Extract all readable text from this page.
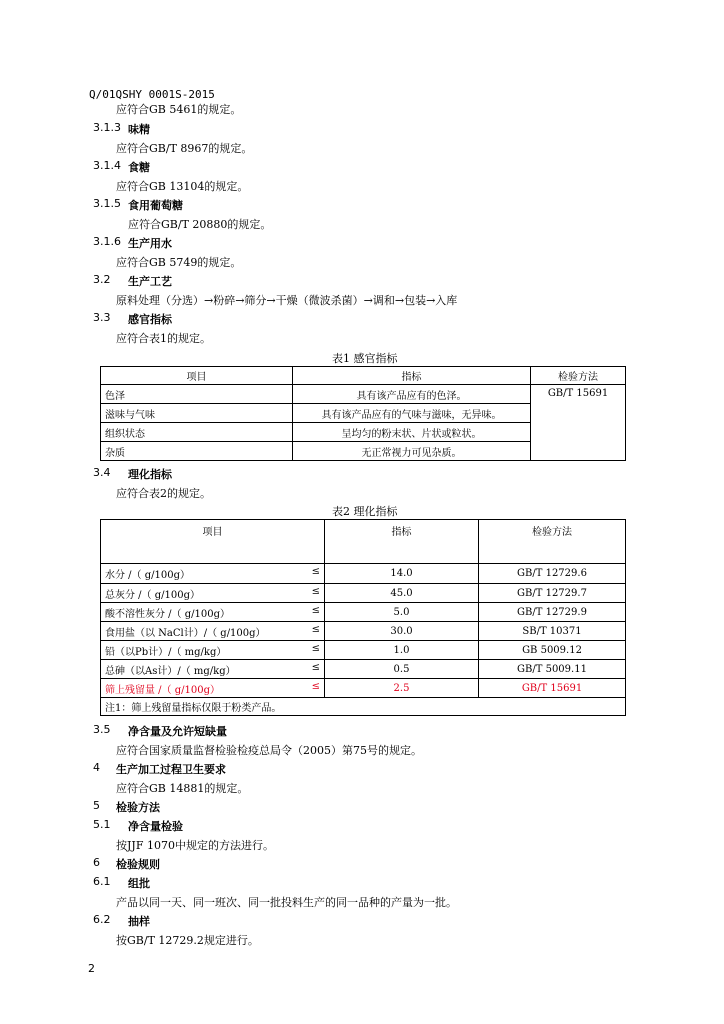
Q/01QSHY 0001S-2015
应符合GB 5461的规定。
3.1.3 味精
应符合GB/T 8967的规定。
3.1.4 食糖
应符合GB 13104的规定。
3.1.5 食用葡萄糖
应符合GB/T 20880的规定。
3.1.6 生产用水
应符合GB 5749的规定。
3.2 生产工艺
原料处理（分选）→粉碎→筛分→干燥（微波杀菌）→调和→包装→入库
3.3 感官指标
应符合表1的规定。
表1 感官指标
项目	指标	检验方法
色泽	具有该产品应有的色泽。	GB/T 15691
滋味与气味	具有该产品应有的气味与滋味，无异味。	
组织状态	呈均匀的粉末状、片状或粒状。	
杂质	无正常视力可见杂质。	
3.4 理化指标
应符合表2的规定。
表2 理化指标
项目	指标	检验方法

水分 /（ g/100g） ≤	14.0	GB/T 12729.6

总灰分 /（ g/100g） ≤	45.0	GB/T 12729.7

酸不溶性灰分 /（ g/100g） ≤	5.0	GB/T 12729.9

食用盐（以 NaCl计）/（ g/100g） ≤	30.0	SB/T 10371

铅（以Pb计）/（ mg/kg） ≤	1.0	GB 5009.12

总砷（以As计）/（ mg/kg） ≤	0.5	GB/T 5009.11

筛上残留量 /（ g/100g） ≤	2.5	GB/T 15691
注1：筛上残留量指标仅限于粉类产品。		
3.5 净含量及允许短缺量
应符合国家质量监督检验检疫总局令（2005）第75号的规定。
4 生产加工过程卫生要求
应符合GB 14881的规定。
5 检验方法
5.1 净含量检验
按JJF 1070中规定的方法进行。
6 检验规则
6.1 组批
产品以同一天、同一班次、同一批投料生产的同一品种的产量为一批。
6.2 抽样
按GB/T 12729.2规定进行。
2
